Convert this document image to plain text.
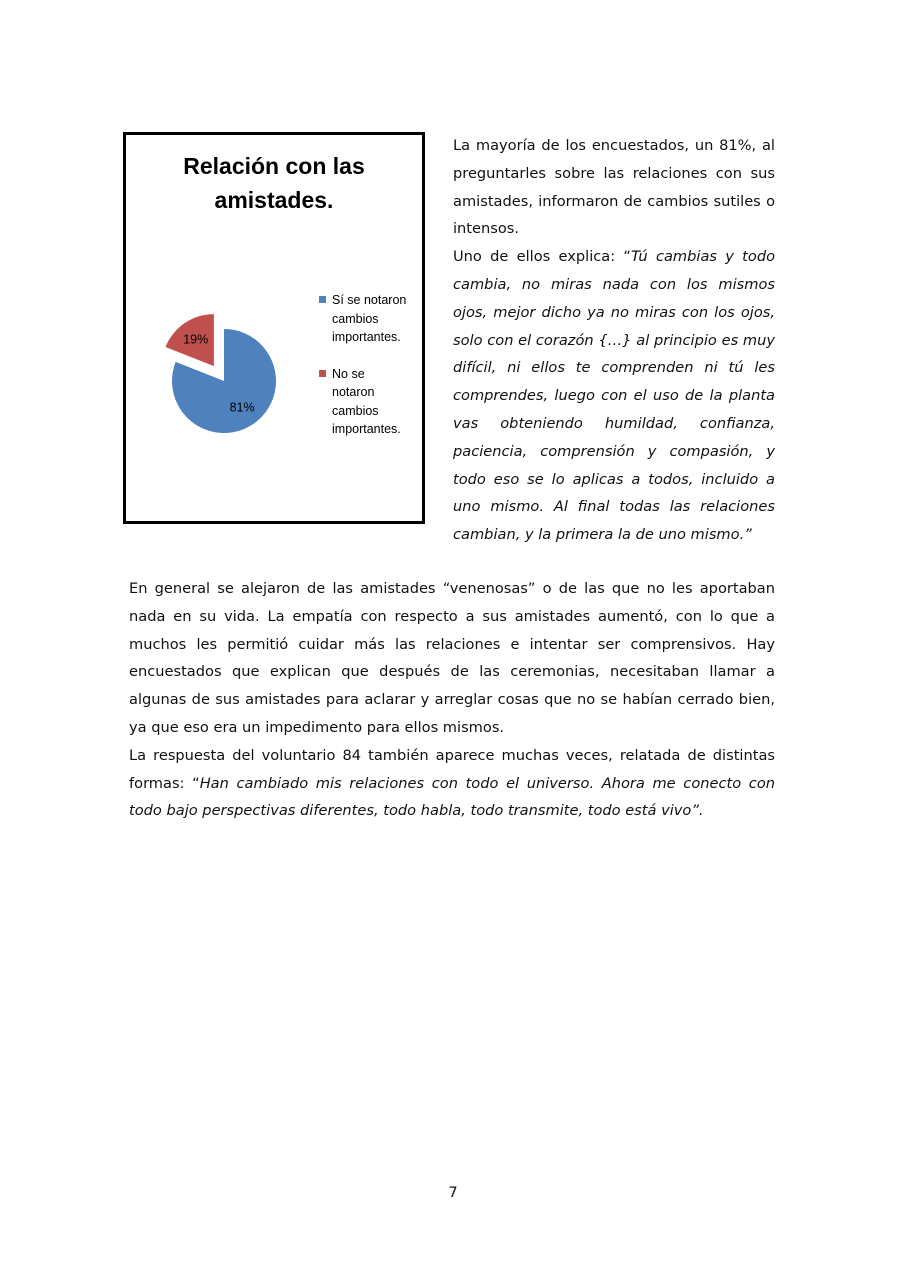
Relación con las
amistades.
81%
19%
Sí se notaron
cambios
importantes.
No se
notaron
cambios
importantes.

La mayoría de los encuestados, un 81%, al preguntarles sobre las relaciones con sus amistades, informaron de cambios sutiles o intensos.

Uno de ellos explica: “Tú cambias y todo cambia, no miras nada con los mismos ojos, mejor dicho ya no miras con los ojos, solo con el corazón {…} al principio es muy difícil, ni ellos te comprenden ni tú les comprendes, luego con el uso de la planta vas obteniendo humildad, confianza, paciencia, comprensión y compasión, y todo eso se lo aplicas a todos, incluido a uno mismo. Al final todas las relaciones cambian, y la primera la de uno mismo.”

En general se alejaron de las amistades “venenosas” o de las que no les aportaban nada en su vida. La empatía con respecto a sus amistades aumentó, con lo que a muchos les permitió cuidar más las relaciones e intentar ser comprensivos. Hay encuestados que explican que después de las ceremonias, necesitaban llamar a algunas de sus amistades para aclarar y arreglar cosas que no se habían cerrado bien, ya que eso era un impedimento para ellos mismos.

La respuesta del voluntario 84 también aparece muchas veces, relatada de distintas formas: “Han cambiado mis relaciones con todo el universo. Ahora me conecto con todo bajo perspectivas diferentes, todo habla, todo transmite, todo está vivo”.

7
